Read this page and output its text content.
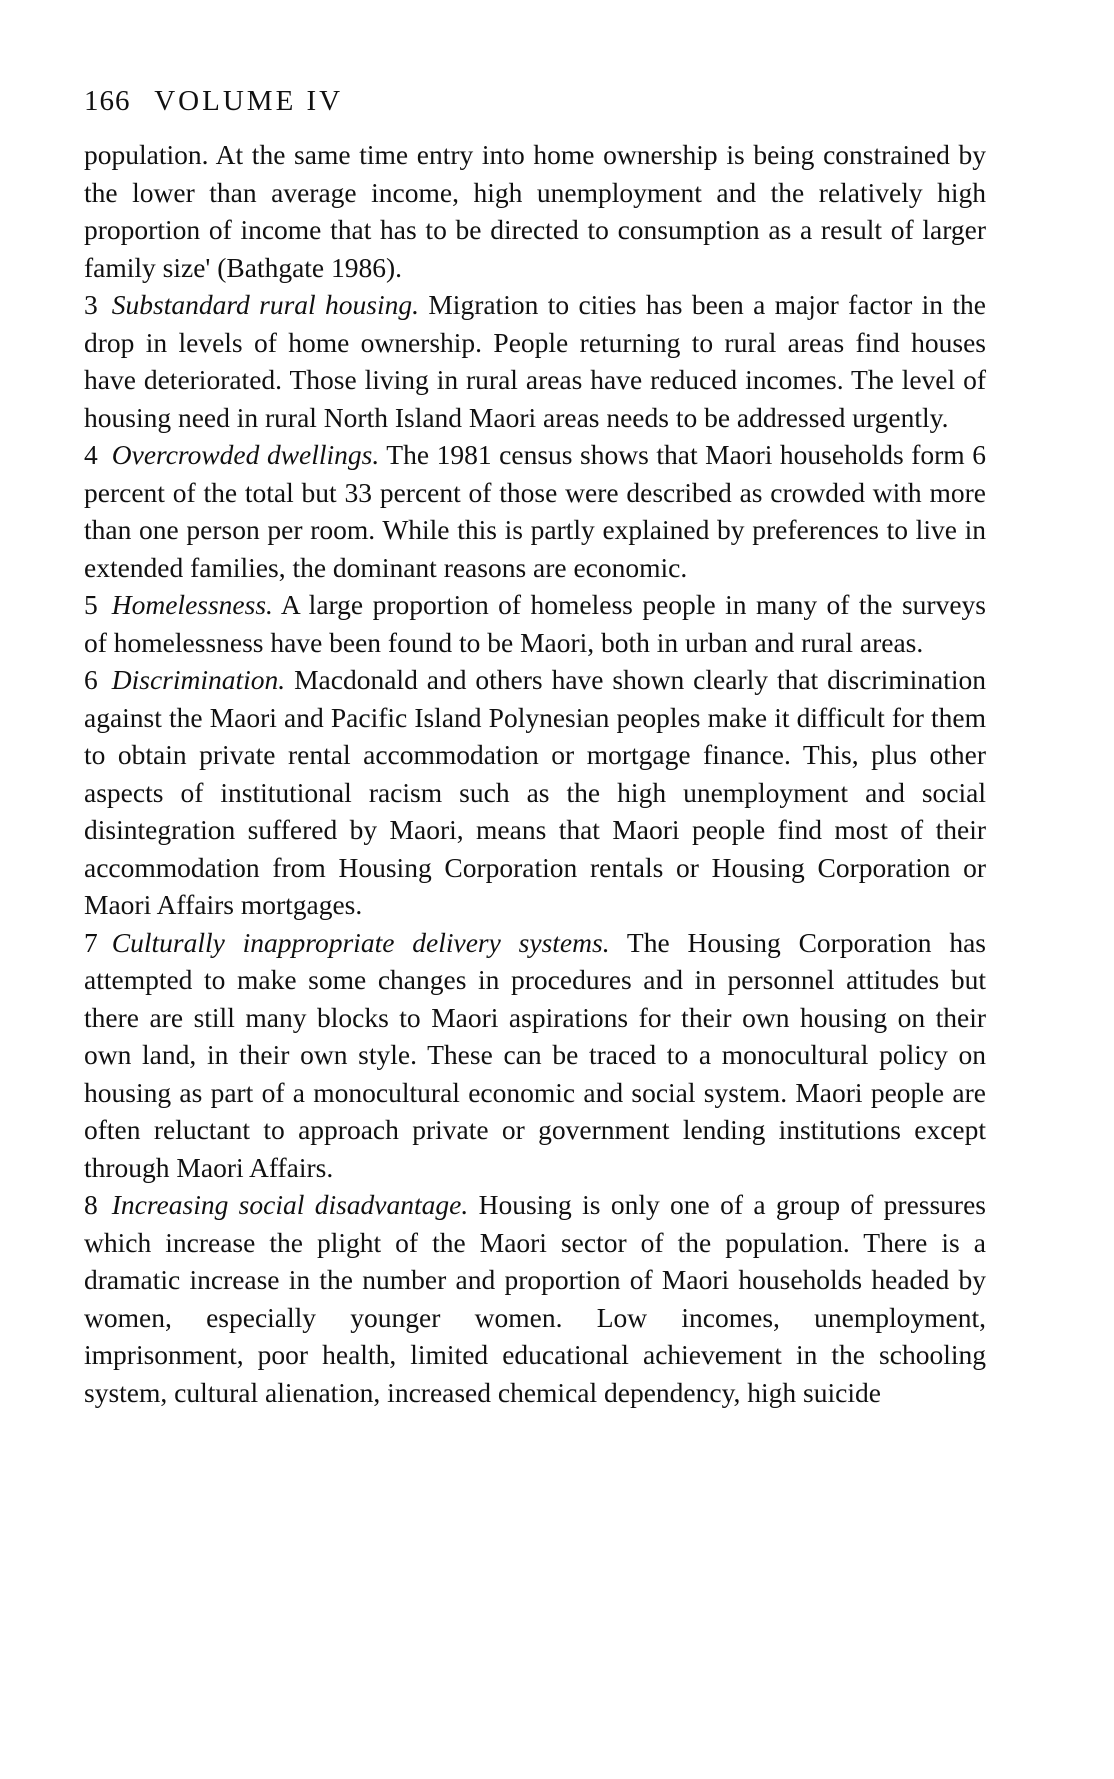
166 VOLUME IV

population. At the same time entry into home ownership is being constrained by the lower than average income, high unemployment and the relatively high proportion of income that has to be directed to consumption as a result of larger family size' (Bathgate 1986).

3 Substandard rural housing. Migration to cities has been a major factor in the drop in levels of home ownership. People returning to rural areas find houses have deteriorated. Those living in rural areas have reduced incomes. The level of housing need in rural North Island Maori areas needs to be addressed urgently.

4 Overcrowded dwellings. The 1981 census shows that Maori households form 6 percent of the total but 33 percent of those were described as crowded with more than one person per room. While this is partly explained by preferences to live in extended families, the dominant reasons are economic.

5 Homelessness. A large proportion of homeless people in many of the surveys of homelessness have been found to be Maori, both in urban and rural areas.

6 Discrimination. Macdonald and others have shown clearly that discrimination against the Maori and Pacific Island Polynesian peoples make it difficult for them to obtain private rental accommodation or mortgage finance. This, plus other aspects of institutional racism such as the high unemployment and social disintegration suffered by Maori, means that Maori people find most of their accommodation from Housing Corporation rentals or Housing Corporation or Maori Affairs mortgages.

7 Culturally inappropriate delivery systems. The Housing Corporation has attempted to make some changes in procedures and in personnel attitudes but there are still many blocks to Maori aspirations for their own housing on their own land, in their own style. These can be traced to a monocultural policy on housing as part of a monocultural economic and social system. Maori people are often reluctant to approach private or government lending institutions except through Maori Affairs.

8 Increasing social disadvantage. Housing is only one of a group of pressures which increase the plight of the Maori sector of the population. There is a dramatic increase in the number and proportion of Maori households headed by women, especially younger women. Low incomes, unemployment, imprisonment, poor health, limited educational achievement in the schooling system, cultural alienation, increased chemical dependency, high suicide
